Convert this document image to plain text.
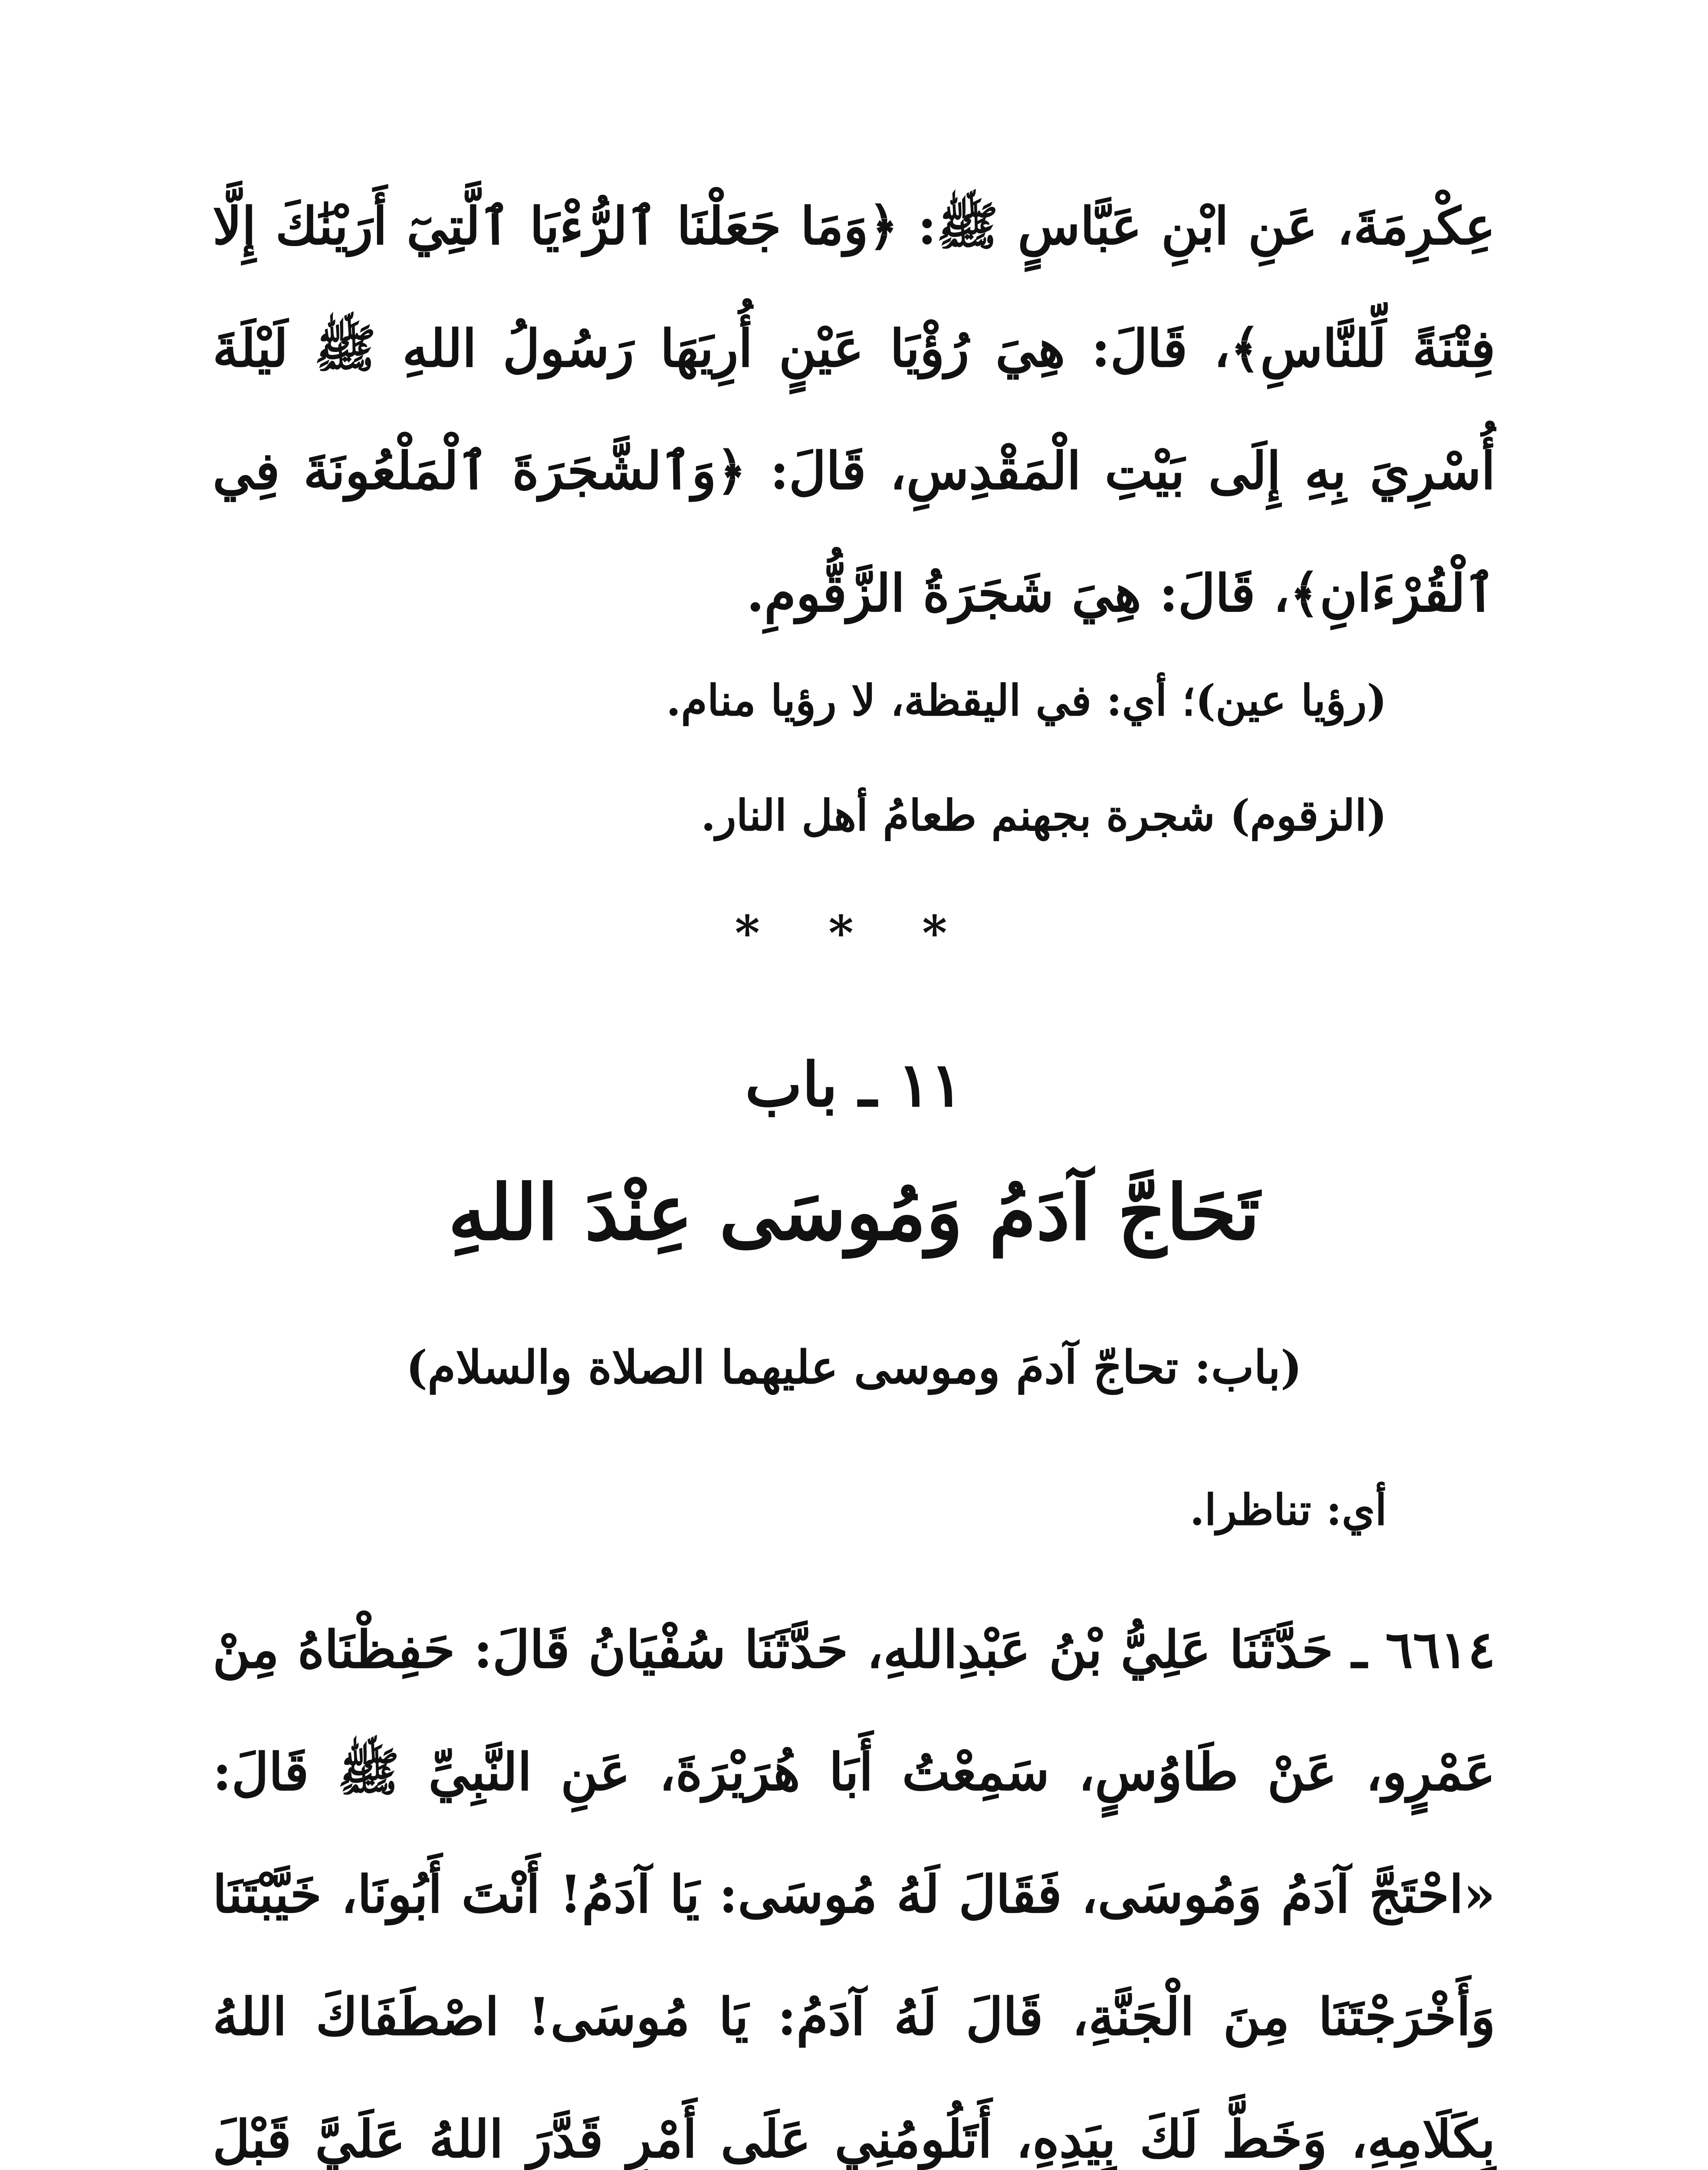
عِكْرِمَةَ، عَنِ ابْنِ عَبَّاسٍ ﷺ: ﴿وَمَا جَعَلْنَا ٱلرُّءْيَا ٱلَّتِيٓ أَرَيْنَٰكَ إِلَّا فِتْنَةً لِّلنَّاسِ﴾، قَالَ: هِيَ رُؤْيَا عَيْنٍ أُرِيَهَا رَسُولُ اللهِ ﷺ لَيْلَةَ أُسْرِيَ بِهِ إِلَى بَيْتِ الْمَقْدِسِ، قَالَ: ﴿وَٱلشَّجَرَةَ ٱلْمَلْعُونَةَ فِي ٱلْقُرْءَانِ﴾، قَالَ: هِيَ شَجَرَةُ الزَّقُّومِ.

(رؤيا عين)؛ أي: في اليقظة، لا رؤيا منام.

(الزقوم) شجرة بجهنم طعامُ أهل النار.

* * *
١١ ـ باب
تَحَاجَّ آدَمُ وَمُوسَى عِنْدَ اللهِ
(باب: تحاجّ آدمَ وموسى عليهما الصلاة والسلام)
أي: تناظرا.

٦٦١٤ ـ حَدَّثَنَا عَلِيُّ بْنُ عَبْدِاللهِ، حَدَّثَنَا سُفْيَانُ قَالَ: حَفِظْنَاهُ مِنْ عَمْرٍو، عَنْ طَاوُسٍ، سَمِعْتُ أَبَا هُرَيْرَةَ، عَنِ النَّبِيِّ ﷺ قَالَ: «احْتَجَّ آدَمُ وَمُوسَى، فَقَالَ لَهُ مُوسَى: يَا آدَمُ! أَنْتَ أَبُونَا، خَيَّبْتَنَا وَأَخْرَجْتَنَا مِنَ الْجَنَّةِ، قَالَ لَهُ آدَمُ: يَا مُوسَى! اصْطَفَاكَ اللهُ بِكَلَامِهِ، وَخَطَّ لَكَ بِيَدِهِ، أَتَلُومُنِي عَلَى أَمْرٍ قَدَّرَ اللهُ عَلَيَّ قَبْلَ
